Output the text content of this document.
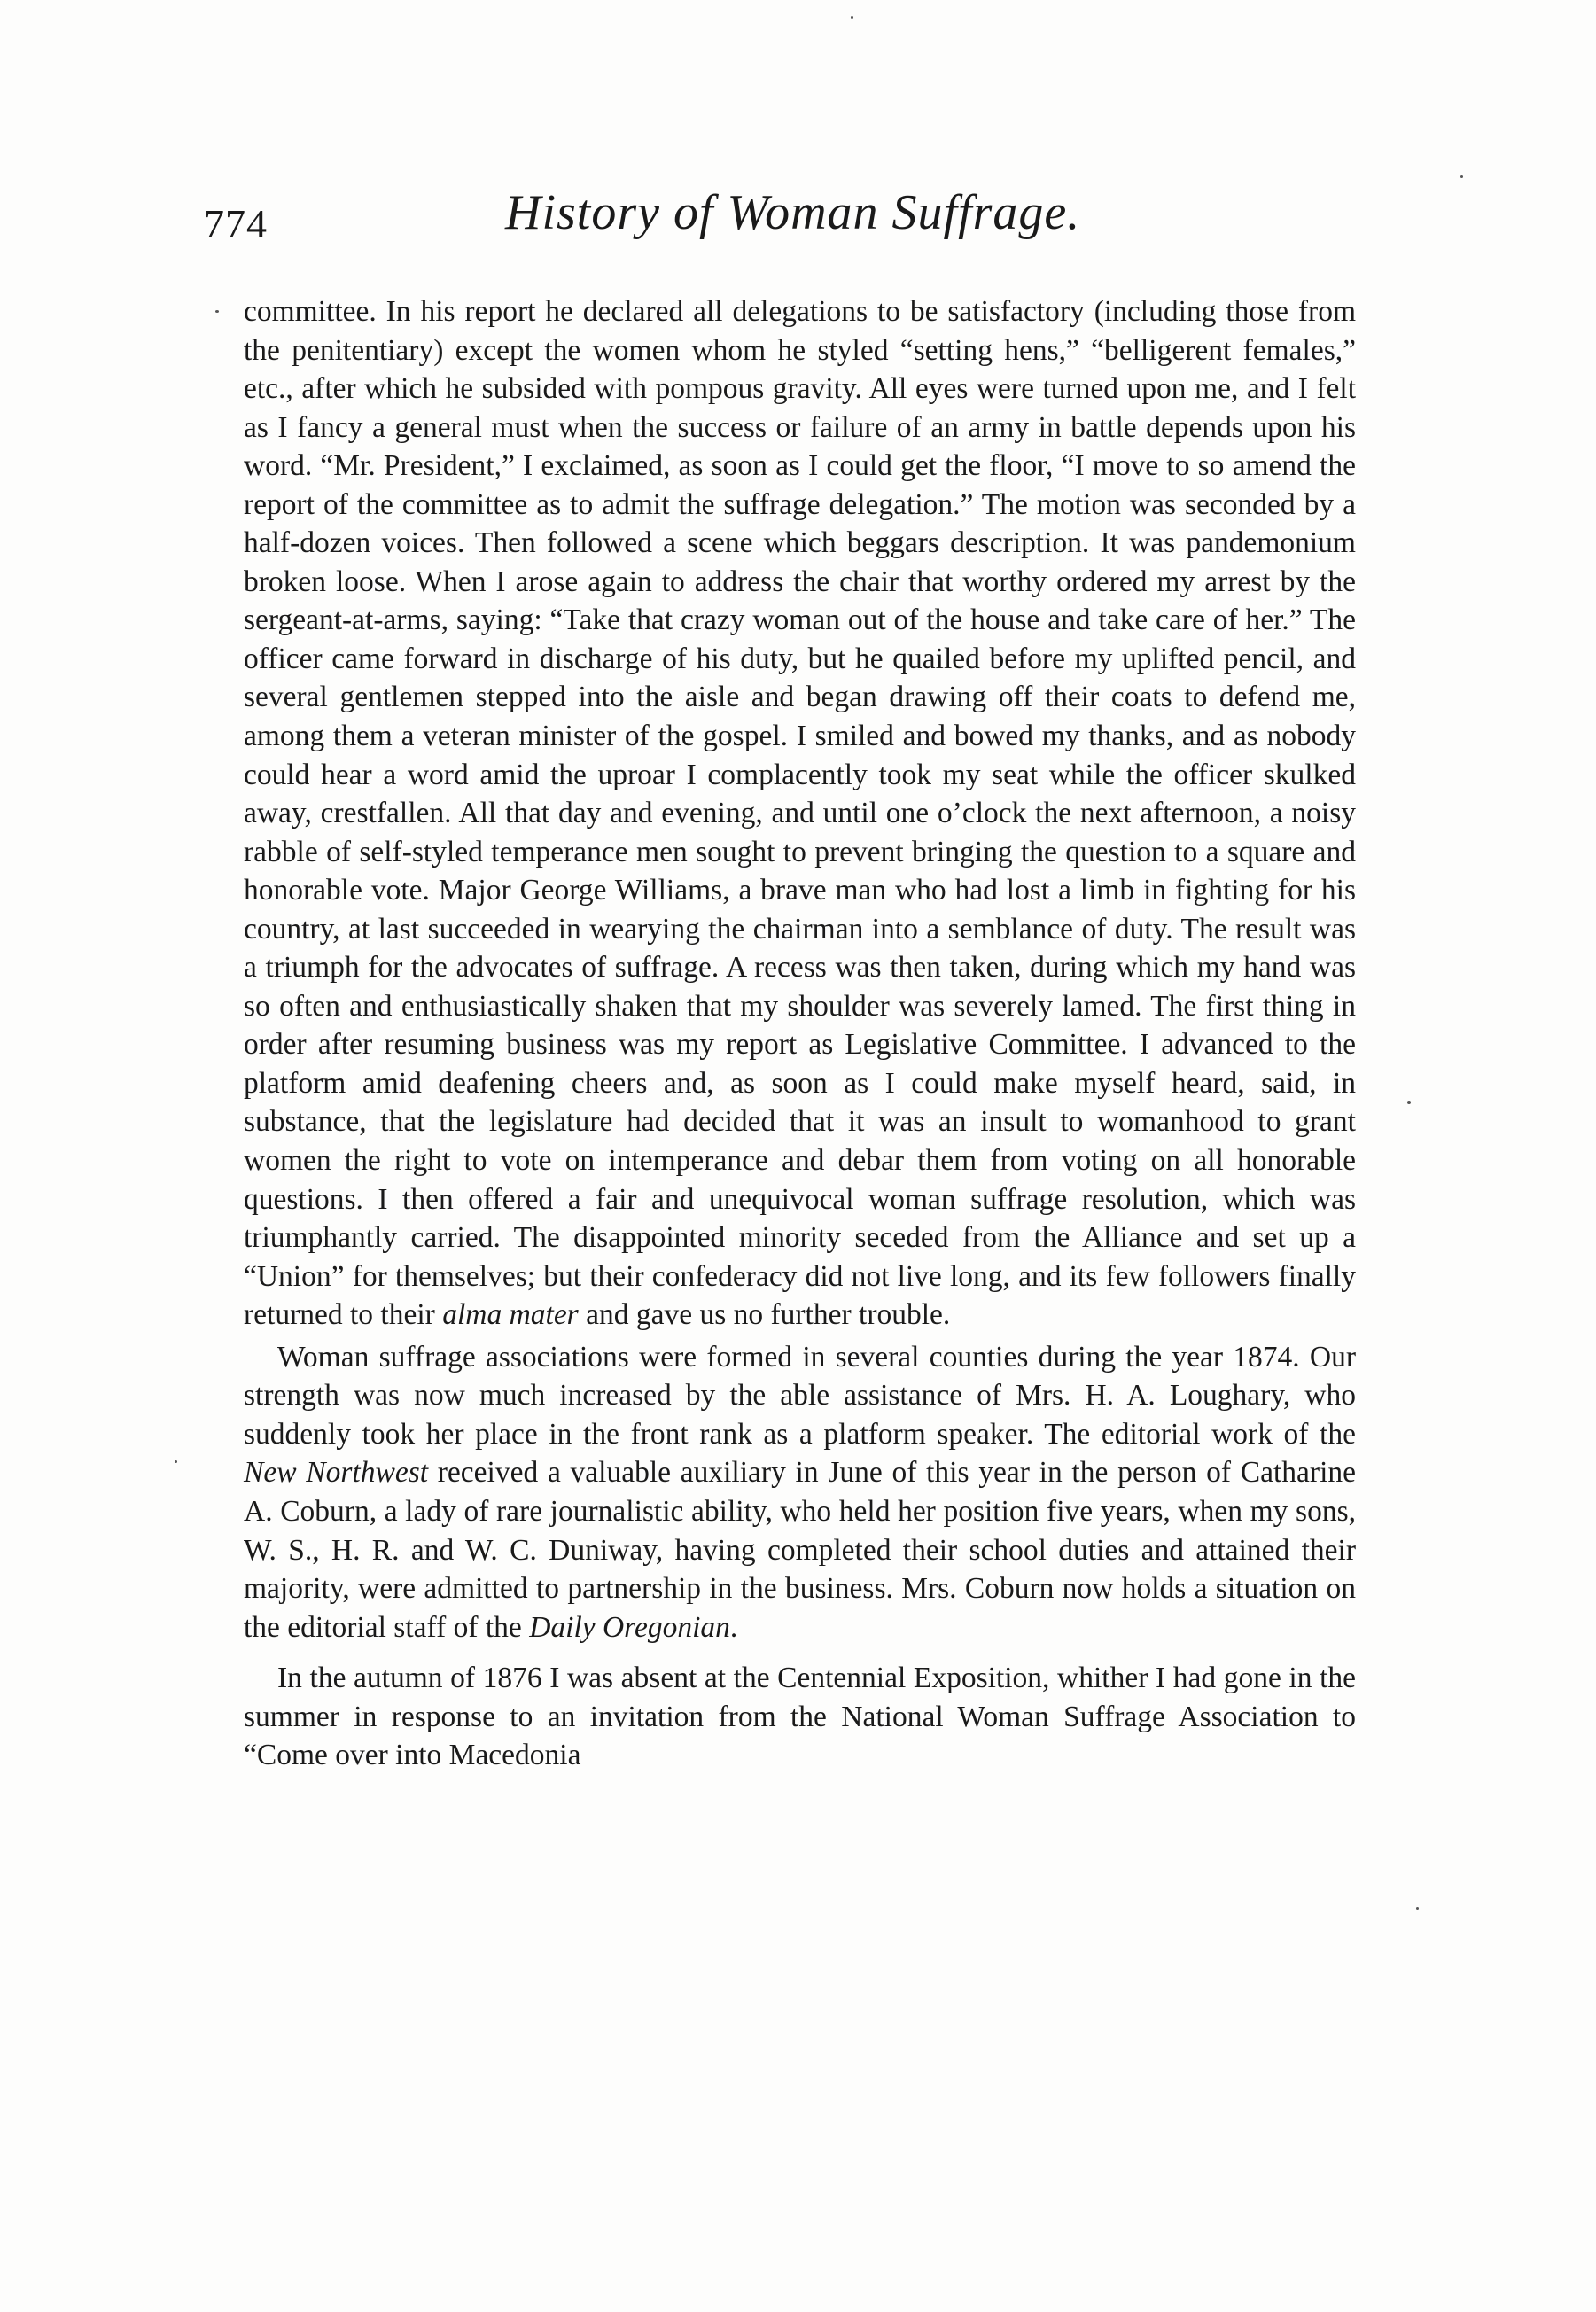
774	History of Woman Suffrage.

committee. In his report he declared all delegations to be satisfactory (including those from the penitentiary) except the women whom he styled “setting hens,” “belligerent females,” etc., after which he subsided with pompous gravity. All eyes were turned upon me, and I felt as I fancy a general must when the success or failure of an army in battle depends upon his word. “Mr. President,” I exclaimed, as soon as I could get the floor, “I move to so amend the report of the committee as to admit the suffrage delegation.” The motion was seconded by a half-dozen voices. Then followed a scene which beggars description. It was pandemonium broken loose. When I arose again to address the chair that worthy ordered my arrest by the sergeant-at-arms, saying: “Take that crazy woman out of the house and take care of her.” The officer came forward in discharge of his duty, but he quailed before my uplifted pencil, and several gentlemen stepped into the aisle and began drawing off their coats to defend me, among them a veteran minister of the gospel. I smiled and bowed my thanks, and as nobody could hear a word amid the uproar I complacently took my seat while the officer skulked away, crestfallen. All that day and evening, and until one o’clock the next afternoon, a noisy rabble of self-styled temperance men sought to prevent bringing the question to a square and honorable vote. Major George Williams, a brave man who had lost a limb in fighting for his country, at last succeeded in wearying the chairman into a semblance of duty. The result was a triumph for the advocates of suffrage. A recess was then taken, during which my hand was so often and enthusiastically shaken that my shoulder was severely lamed. The first thing in order after resuming business was my report as Legislative Committee. I advanced to the platform amid deafening cheers and, as soon as I could make myself heard, said, in substance, that the legislature had decided that it was an insult to womanhood to grant women the right to vote on intemperance and debar them from voting on all honorable questions. I then offered a fair and unequivocal woman suffrage resolution, which was triumphantly carried. The disappointed minority seceded from the Alliance and set up a “Union” for themselves; but their confederacy did not live long, and its few followers finally returned to their alma mater and gave us no further trouble.

Woman suffrage associations were formed in several counties during the year 1874. Our strength was now much increased by the able assistance of Mrs. H. A. Loughary, who suddenly took her place in the front rank as a platform speaker. The editorial work of the New Northwest received a valuable auxiliary in June of this year in the person of Catharine A. Coburn, a lady of rare journalistic ability, who held her position five years, when my sons, W. S., H. R. and W. C. Duniway, having completed their school duties and attained their majority, were admitted to partnership in the business. Mrs. Coburn now holds a situation on the editorial staff of the Daily Oregonian.

In the autumn of 1876 I was absent at the Centennial Exposition, whither I had gone in the summer in response to an invitation from the National Woman Suffrage Association to “Come over into Macedonia
